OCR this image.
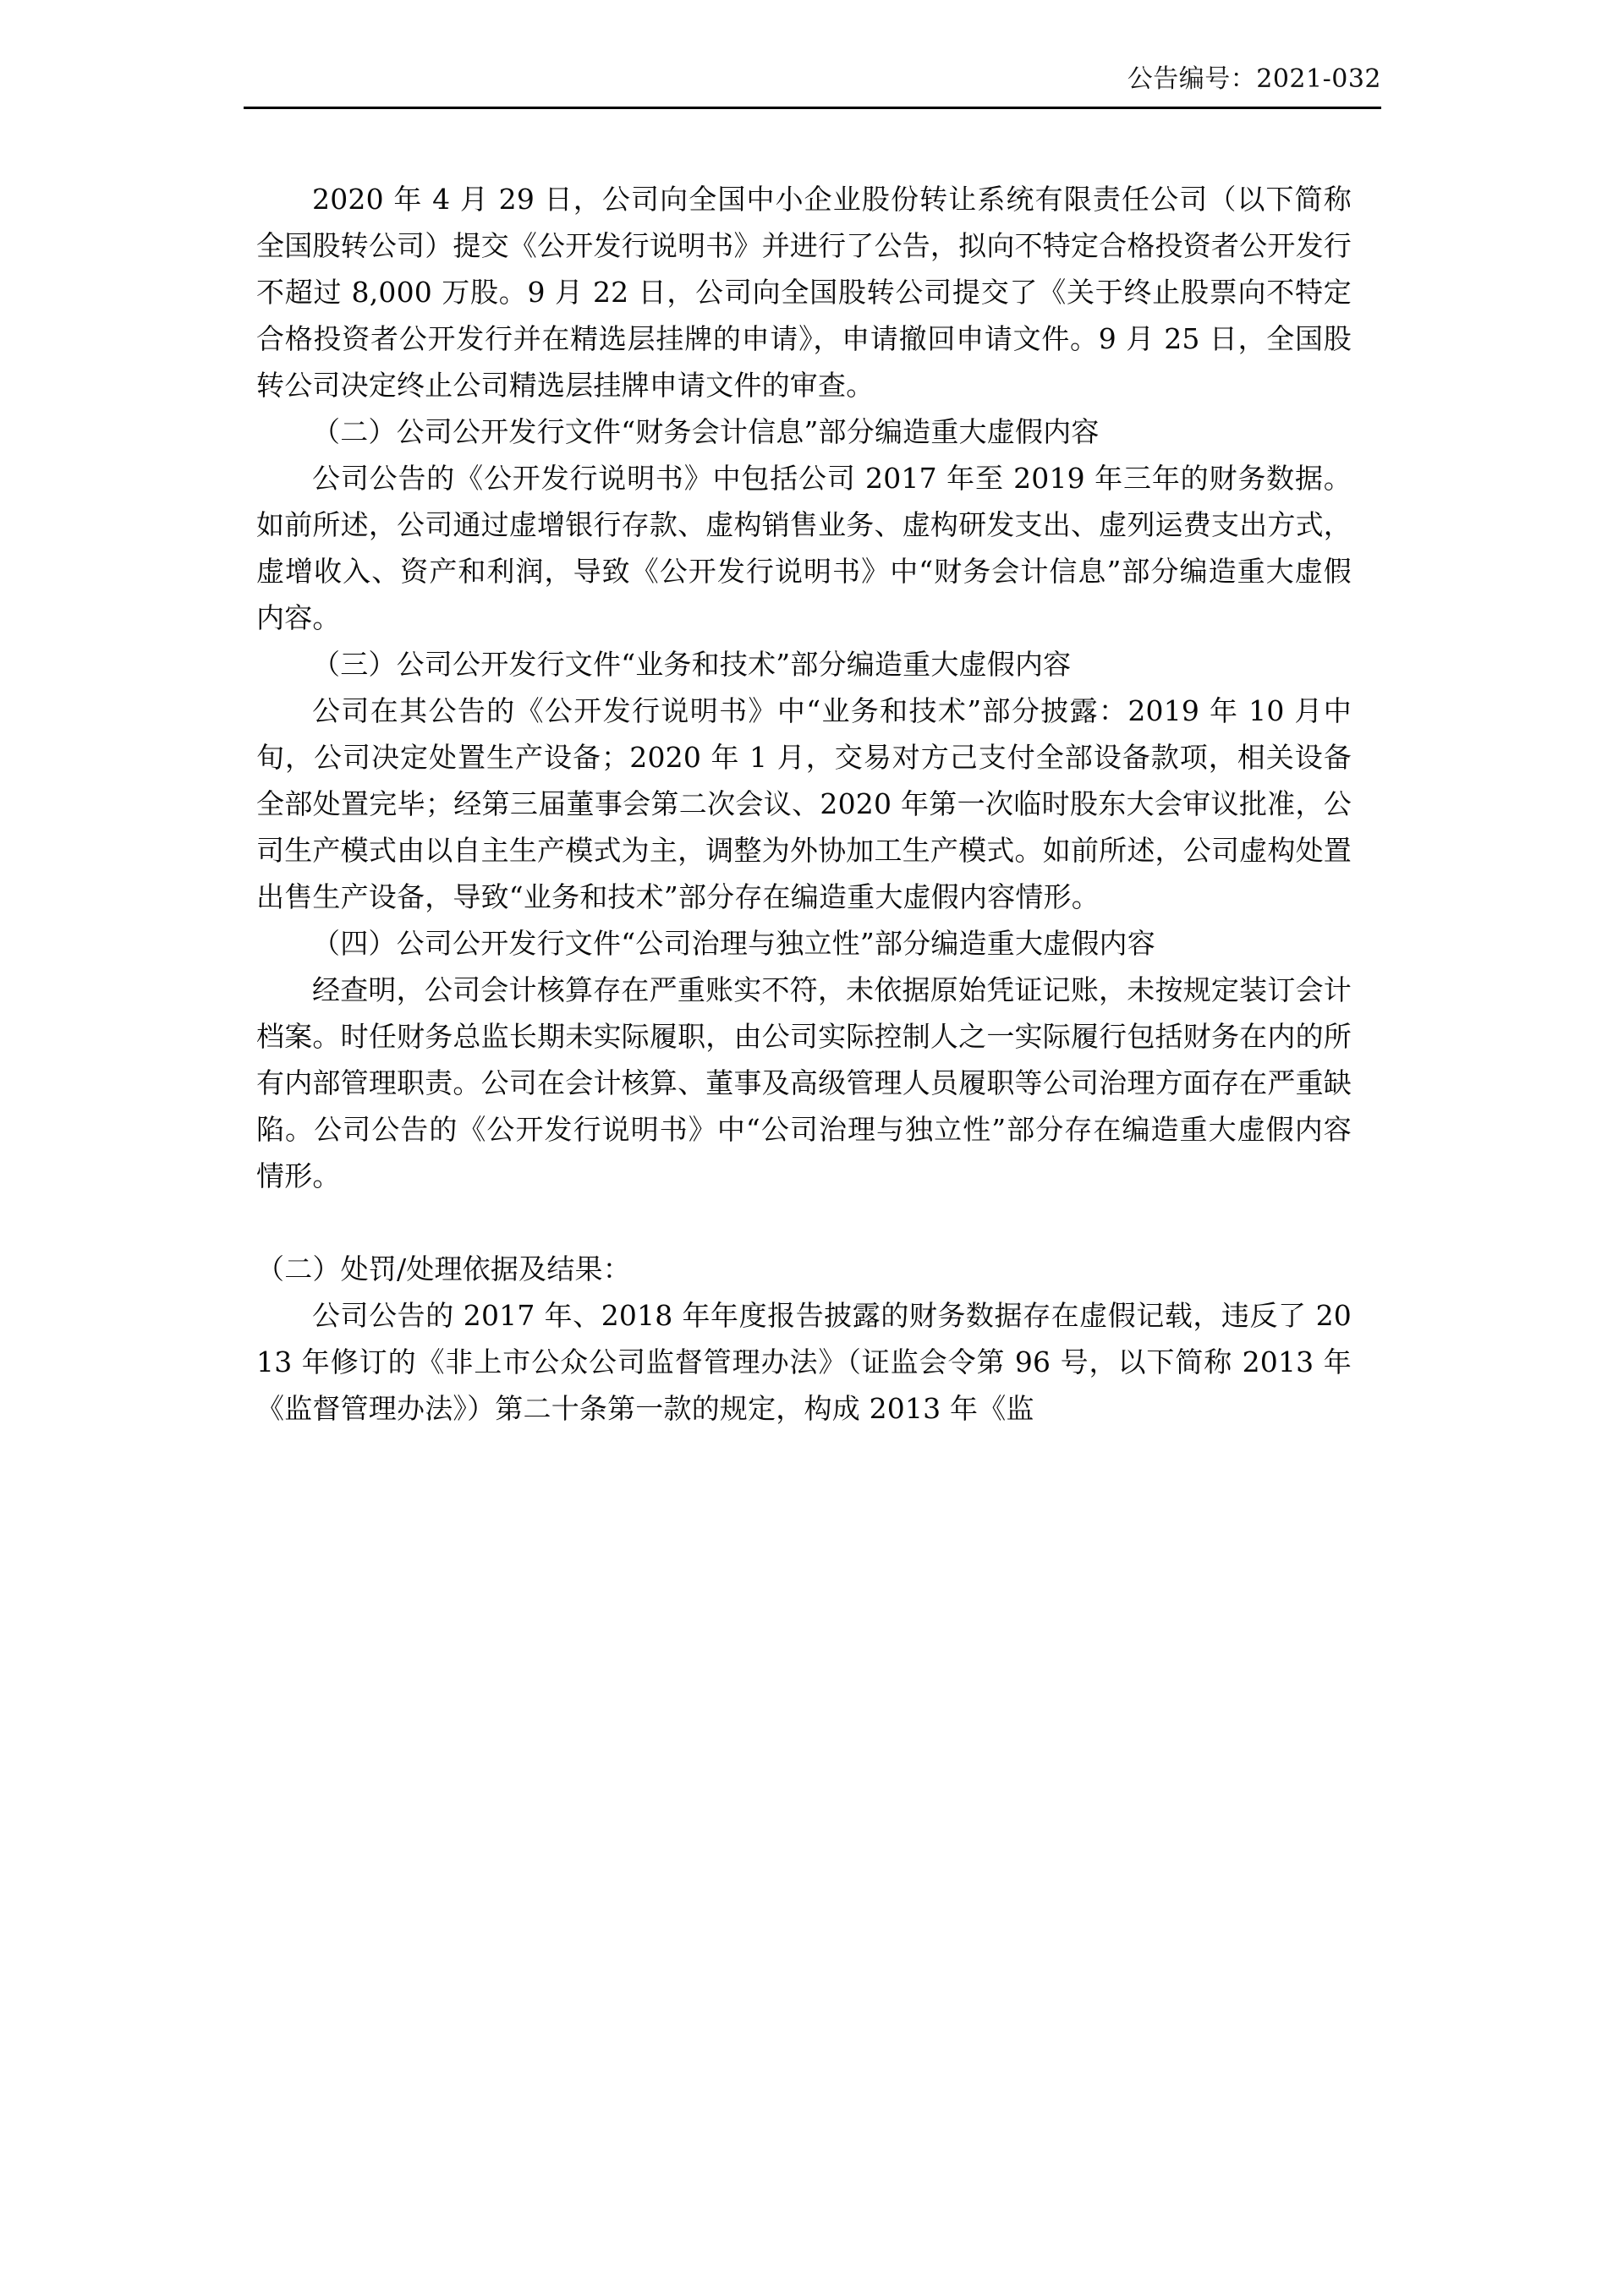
公告编号：2021-032

2020 年 4 月 29 日，公司向全国中小企业股份转让系统有限责任公司（以下简称全国股转公司）提交《公开发行说明书》并进行了公告，拟向不特定合格投资者公开发行不超过 8,000 万股。9 月 22 日，公司向全国股转公司提交了《关于终止股票向不特定合格投资者公开发行并在精选层挂牌的申请》，申请撤回申请文件。9 月 25 日，全国股转公司决定终止公司精选层挂牌申请文件的审查。

（二）公司公开发行文件“财务会计信息”部分编造重大虚假内容

公司公告的《公开发行说明书》中包括公司 2017 年至 2019 年三年的财务数据。如前所述，公司通过虚增银行存款、虚构销售业务、虚构研发支出、虚列运费支出方式，虚增收入、资产和利润，导致《公开发行说明书》中“财务会计信息”部分编造重大虚假内容。

（三）公司公开发行文件“业务和技术”部分编造重大虚假内容

公司在其公告的《公开发行说明书》中“业务和技术”部分披露：2019 年 10 月中旬，公司决定处置生产设备；2020 年 1 月，交易对方己支付全部设备款项，相关设备全部处置完毕；经第三届董事会第二次会议、2020 年第一次临时股东大会审议批准，公司生产模式由以自主生产模式为主，调整为外协加工生产模式。如前所述，公司虚构处置出售生产设备，导致“业务和技术”部分存在编造重大虚假内容情形。

（四）公司公开发行文件“公司治理与独立性”部分编造重大虚假内容

经查明，公司会计核算存在严重账实不符，未依据原始凭证记账，未按规定装订会计档案。时任财务总监长期未实际履职，由公司实际控制人之一实际履行包括财务在内的所有内部管理职责。公司在会计核算、董事及高级管理人员履职等公司治理方面存在严重缺陷。公司公告的《公开发行说明书》中“公司治理与独立性”部分存在编造重大虚假内容情形。

（二）处罚/处理依据及结果：

公司公告的 2017 年、2018 年年度报告披露的财务数据存在虚假记载，违反了 2013 年修订的《非上市公众公司监督管理办法》（证监会令第 96 号，以下简称 2013 年《监督管理办法》）第二十条第一款的规定，构成 2013 年《监
